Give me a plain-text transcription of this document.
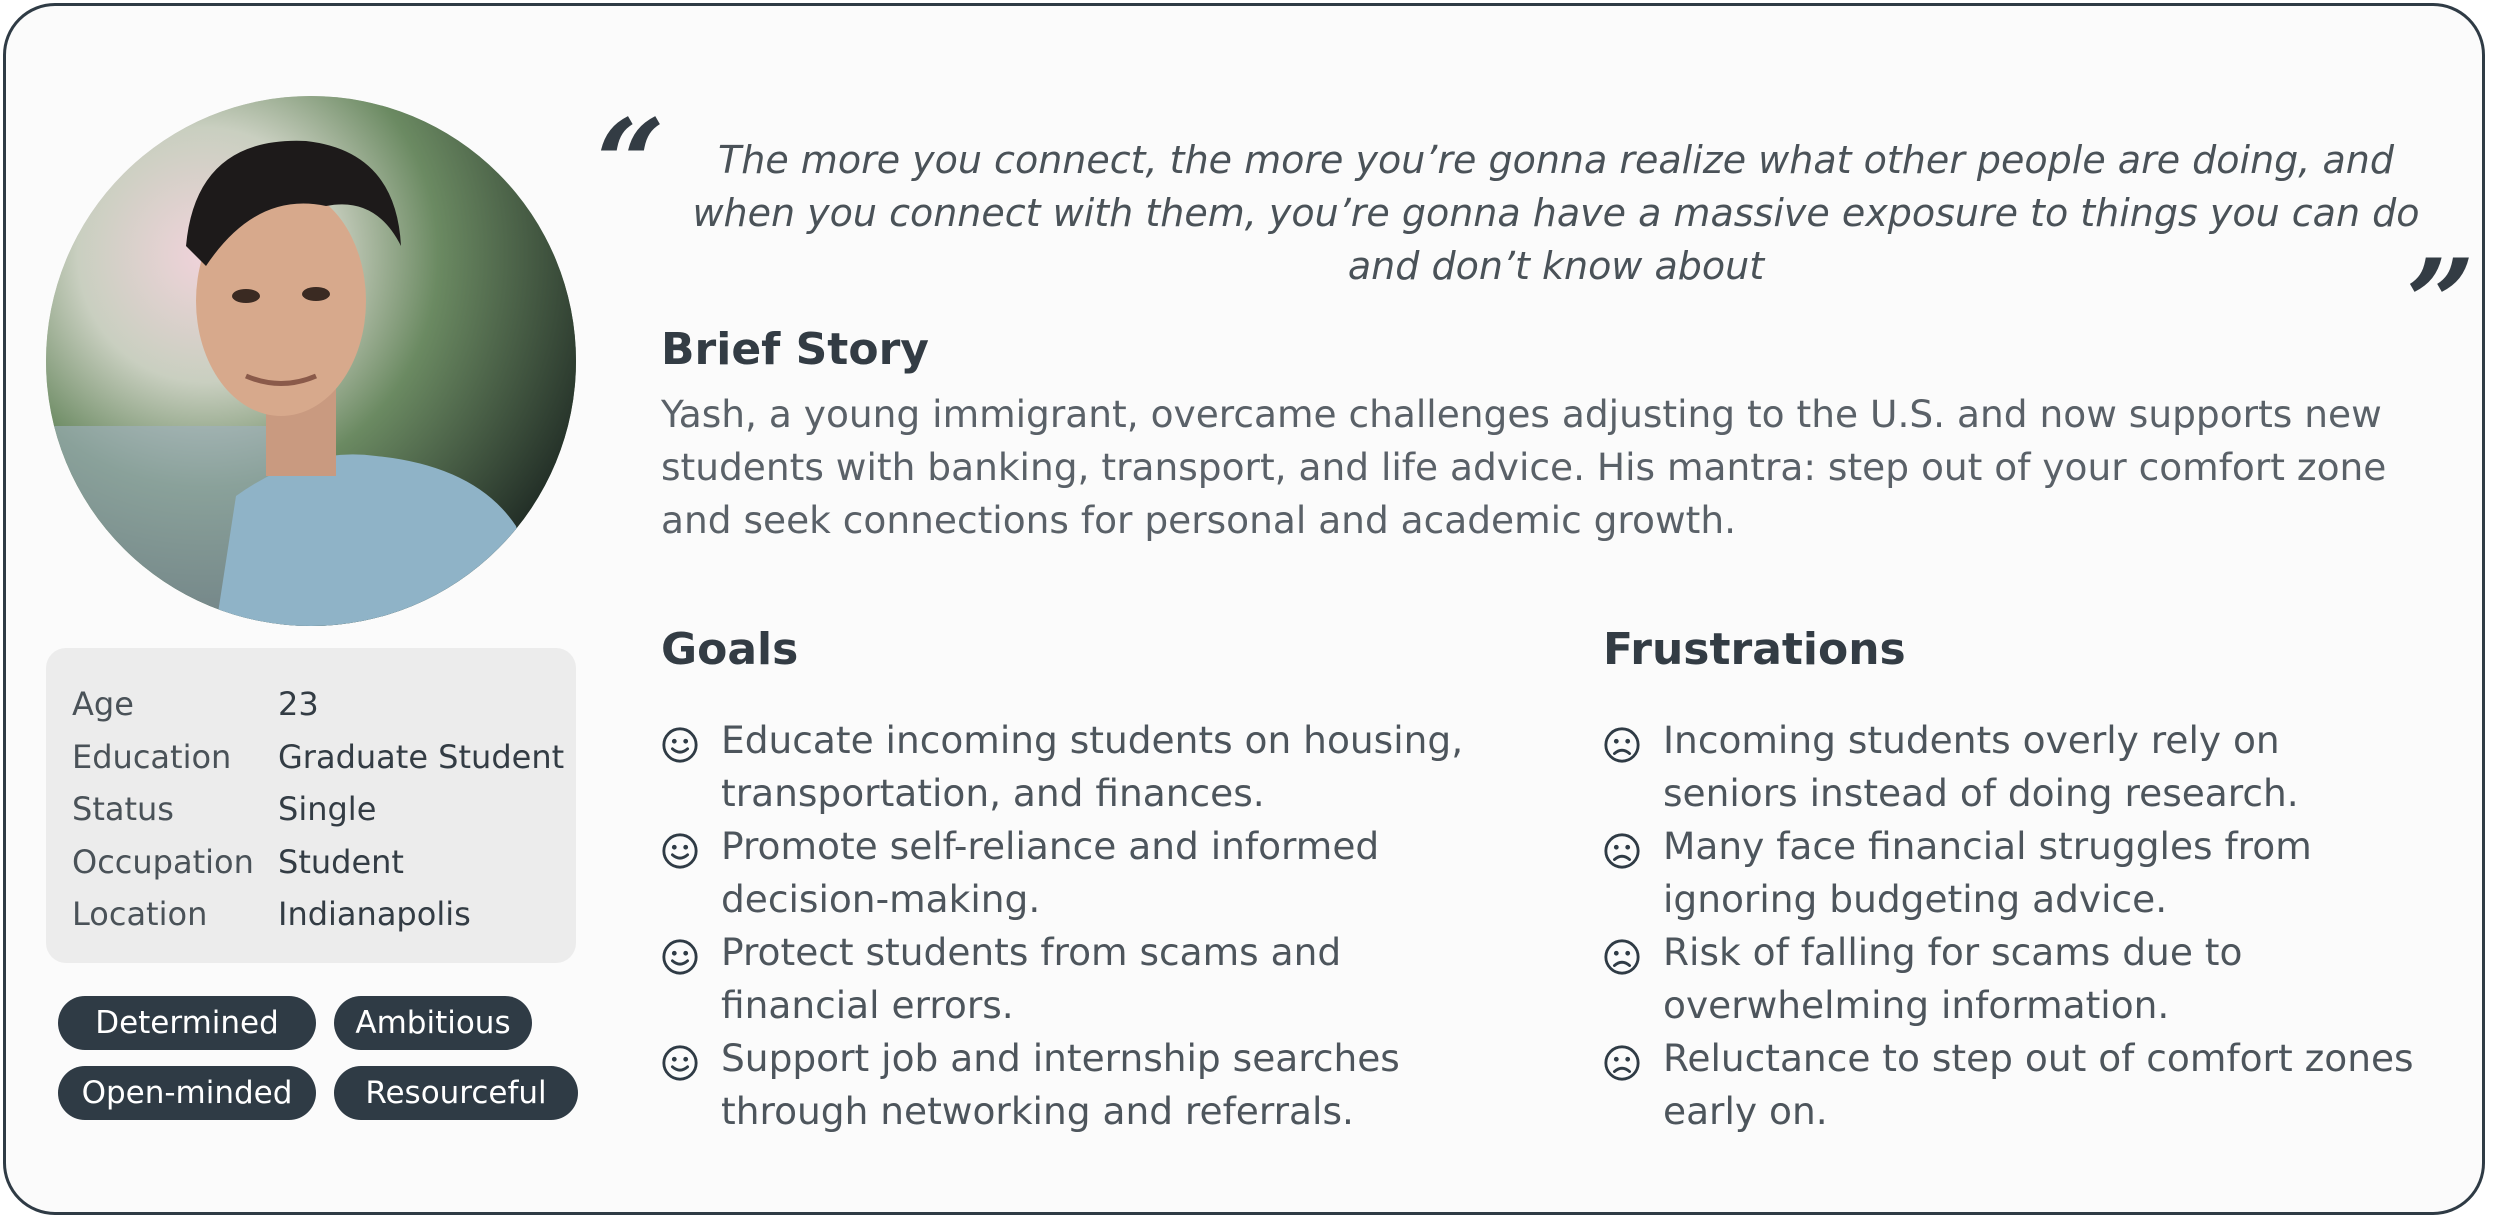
Age	23
Education	Graduate Student
Status	Single
Occupation Student
Location	Indianapolis
Determined	Ambitious
Open-minded	Resourceful
“	The more you connect, the more you’re gonna realize what other people are doing, and when you connect with them, you’re gonna have a massive exposure to things you can do and don’t know about	”
Brief Story
Yash, a young immigrant, overcame challenges adjusting to the U.S. and now supports new students with banking, transport, and life advice. His mantra: step out of your comfort zone and seek connections for personal and academic growth.
Goals
Educate incoming students on housing, transportation, and finances.
Promote self-reliance and informed decision-making.
Protect students from scams and financial errors.
Support job and internship searches through networking and referrals.
Frustrations
Incoming students overly rely on seniors instead of doing research.
Many face financial struggles from ignoring budgeting advice.
Risk of falling for scams due to overwhelming information.
Reluctance to step out of comfort zones early on.
